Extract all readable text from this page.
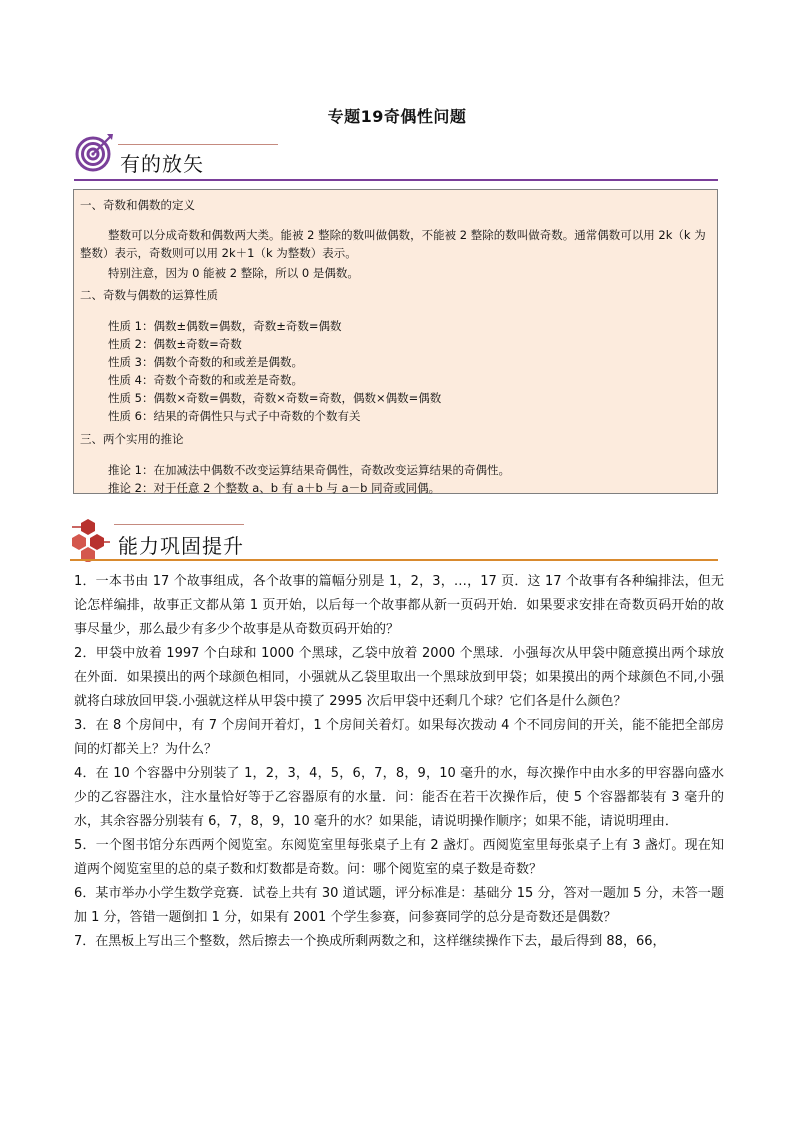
专题19奇偶性问题
有的放矢
一、奇数和偶数的定义
整数可以分成奇数和偶数两大类。能被 2 整除的数叫做偶数，不能被 2 整除的数叫做奇数。通常偶数可以用 2k（k 为整数）表示，奇数则可以用 2k＋1（k 为整数）表示。
特别注意，因为 0 能被 2 整除，所以 0 是偶数。
二、奇数与偶数的运算性质
性质 1：偶数±偶数=偶数，奇数±奇数=偶数
性质 2：偶数±奇数=奇数
性质 3：偶数个奇数的和或差是偶数。
性质 4：奇数个奇数的和或差是奇数。
性质 5：偶数×奇数=偶数，奇数×奇数=奇数，偶数×偶数=偶数
性质 6：结果的奇偶性只与式子中奇数的个数有关
三、两个实用的推论
推论 1：在加减法中偶数不改变运算结果奇偶性，奇数改变运算结果的奇偶性。
推论 2：对于任意 2 个整数 a、b 有 a＋b 与 a－b 同奇或同偶。
能力巩固提升

1．一本书由 17 个故事组成，各个故事的篇幅分别是 1，2，3，…，17 页．这 17 个故事有各种编排法，但无论怎样编排，故事正文都从第 1 页开始，以后每一个故事都从新一页码开始．如果要求安排在奇数页码开始的故事尽量少，那么最少有多少个故事是从奇数页码开始的？

2．甲袋中放着 1997 个白球和 1000 个黑球，乙袋中放着 2000 个黑球．小强每次从甲袋中随意摸出两个球放在外面．如果摸出的两个球颜色相同，小强就从乙袋里取出一个黑球放到甲袋；如果摸出的两个球颜色不同,小强就将白球放回甲袋.小强就这样从甲袋中摸了 2995 次后甲袋中还剩几个球？它们各是什么颜色？

3．在 8 个房间中，有 7 个房间开着灯，1 个房间关着灯。如果每次拨动 4 个不同房间的开关，能不能把全部房间的灯都关上？为什么？

4．在 10 个容器中分别装了 1，2，3，4，5，6，7，8，9，10 毫升的水，每次操作中由水多的甲容器向盛水少的乙容器注水，注水量恰好等于乙容器原有的水量．问：能否在若干次操作后，使 5 个容器都装有 3 毫升的水，其余容器分别装有 6，7，8，9，10 毫升的水？如果能，请说明操作顺序；如果不能，请说明理由．

5．一个图书馆分东西两个阅览室。东阅览室里每张桌子上有 2 盏灯。西阅览室里每张桌子上有 3 盏灯。现在知道两个阅览室里的总的桌子数和灯数都是奇数。问：哪个阅览室的桌子数是奇数？

6．某市举办小学生数学竞赛．试卷上共有 30 道试题，评分标准是：基础分 15 分，答对一题加 5 分，未答一题加 1 分，答错一题倒扣 1 分，如果有 2001 个学生参赛，问参赛同学的总分是奇数还是偶数？

7．在黑板上写出三个整数，然后擦去一个换成所剩两数之和，这样继续操作下去，最后得到 88，66，
